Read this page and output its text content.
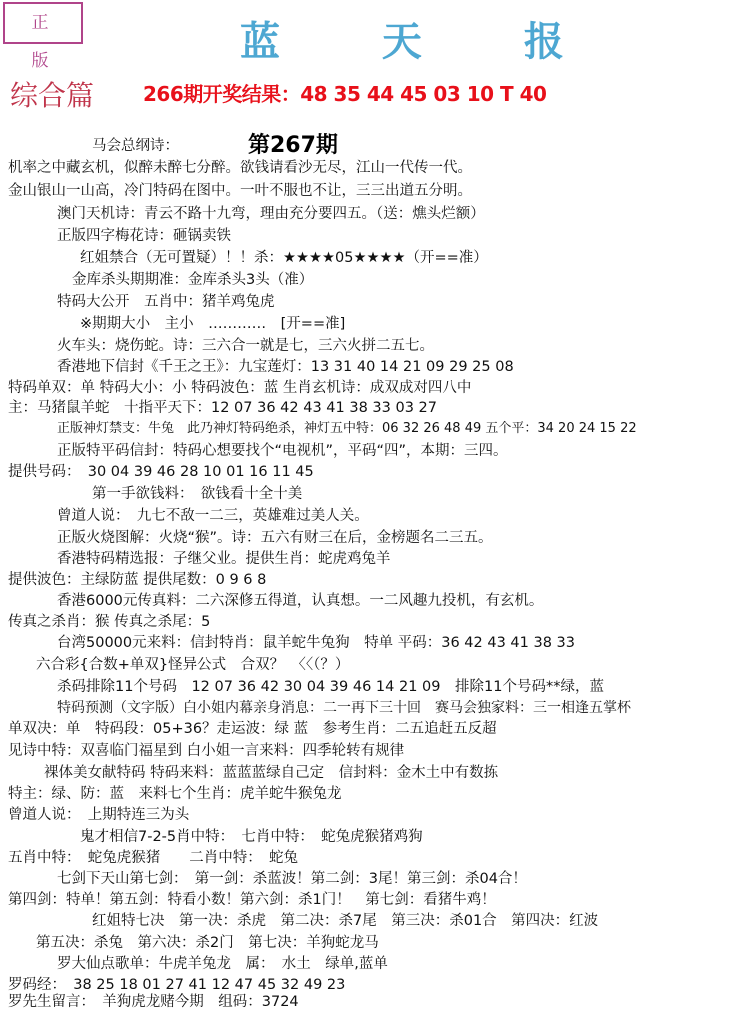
正 版	蓝 天 报
综合篇 266期开奖结果：48 35 44 45 03 10 T 40
第267期
马会总纲诗：
机率之中藏玄机，似醉未醉七分醉。欲钱请看沙无尽，江山一代传一代。
金山银山一山高，冷门特码在图中。一叶不服也不让，三三出道五分明。
澳门天机诗：青云不路十九弯，理由充分要四五。（送：燋头烂额）
正版四字梅花诗：砸锅卖铁
红姐禁合（无可置疑）！！杀：★★★★05★★★★（开==准）
金库杀头期期准：金库杀头3头（准）
特码大公开　五肖中：猪羊鸡兔虎
※期期大小　主小　…………　[开==准]
火车头：烧伤蛇。诗：三六合一就是七，三六火拼二五七。
香港地下信封《千王之王》：九宝莲灯：13 31 40 14 21 09 29 25 08
特码单双：单 特码大小：小 特码波色：蓝 生肖玄机诗：成双成对四八中
主：马猪鼠羊蛇　十指平天下：12 07 36 42 43 41 38 33 03 27
正版神灯禁支：牛兔　此乃神灯特码绝杀，神灯五中特：06 32 26 48 49 五个平：34 20 24 15 22
正版特平码信封：特码心想要找个“电视机”，平码“四”，本期：三四。
提供号码：　30 04 39 46 28 10 01 16 11 45
第一手欲钱料：　欲钱看十全十美
曾道人说：　九七不敌一二三，英雄难过美人关。
正版火烧图解：火烧“猴”。诗：五六有财三在后，金榜题名二三五。
香港特码精选报：子继父业。提供生肖：蛇虎鸡兔羊
提供波色：主绿防蓝 提供尾数：0 9 6 8
香港6000元传真料：二六深修五得道，认真想。一二风趣九投机，有玄机。
传真之杀肖：猴 传真之杀尾：5
台湾50000元来料：信封特肖：鼠羊蛇牛兔狗　特单 平码：36 42 43 41 38 33
六合彩{合数+单双}怪异公式　合双？　〈〈（？）
杀码排除11个号码　12 07 36 42 30 04 39 46 14 21 09　排除11个号码**绿，蓝
特码预测（文字版）白小姐内幕亲身消息：二一再下三十回　赛马会独家料：三一相逢五掌杯
单双决：单　特码段：05+36？走运波：绿 蓝　参考生肖：二五追赶五反超
见诗中特：双喜临门福星到 白小姐一言来料：四季轮转有规律
裸体美女献特码 特码来料：蓝蓝蓝绿自己定　信封料：金木土中有数拣
特主：绿、防：蓝　来料七个生肖：虎羊蛇牛猴兔龙
曾道人说：　上期特连三为头
鬼才相信7-2-5肖中特：　七肖中特：　蛇兔虎猴猪鸡狗
五肖中特：　蛇兔虎猴猪　　二肖中特：　蛇兔
七剑下天山第七剑：　第一剑：杀蓝波！第二剑：3尾！第三剑：杀04合！
第四剑：特单！第五剑：特看小数！第六剑：杀1门！　第七剑：看猪牛鸡！
红姐特七决　第一决：杀虎　第二决：杀7尾　第三决：杀01合　第四决：红波
第五决：杀兔　第六决：杀2门　第七决：羊狗蛇龙马
罗大仙点歌单：牛虎羊兔龙　属：　水土　绿单,蓝单
罗码经：　38 25 18 01 27 41 12 47 45 32 49 23
罗先生留言：　羊狗虎龙赌今期　组码：3724
